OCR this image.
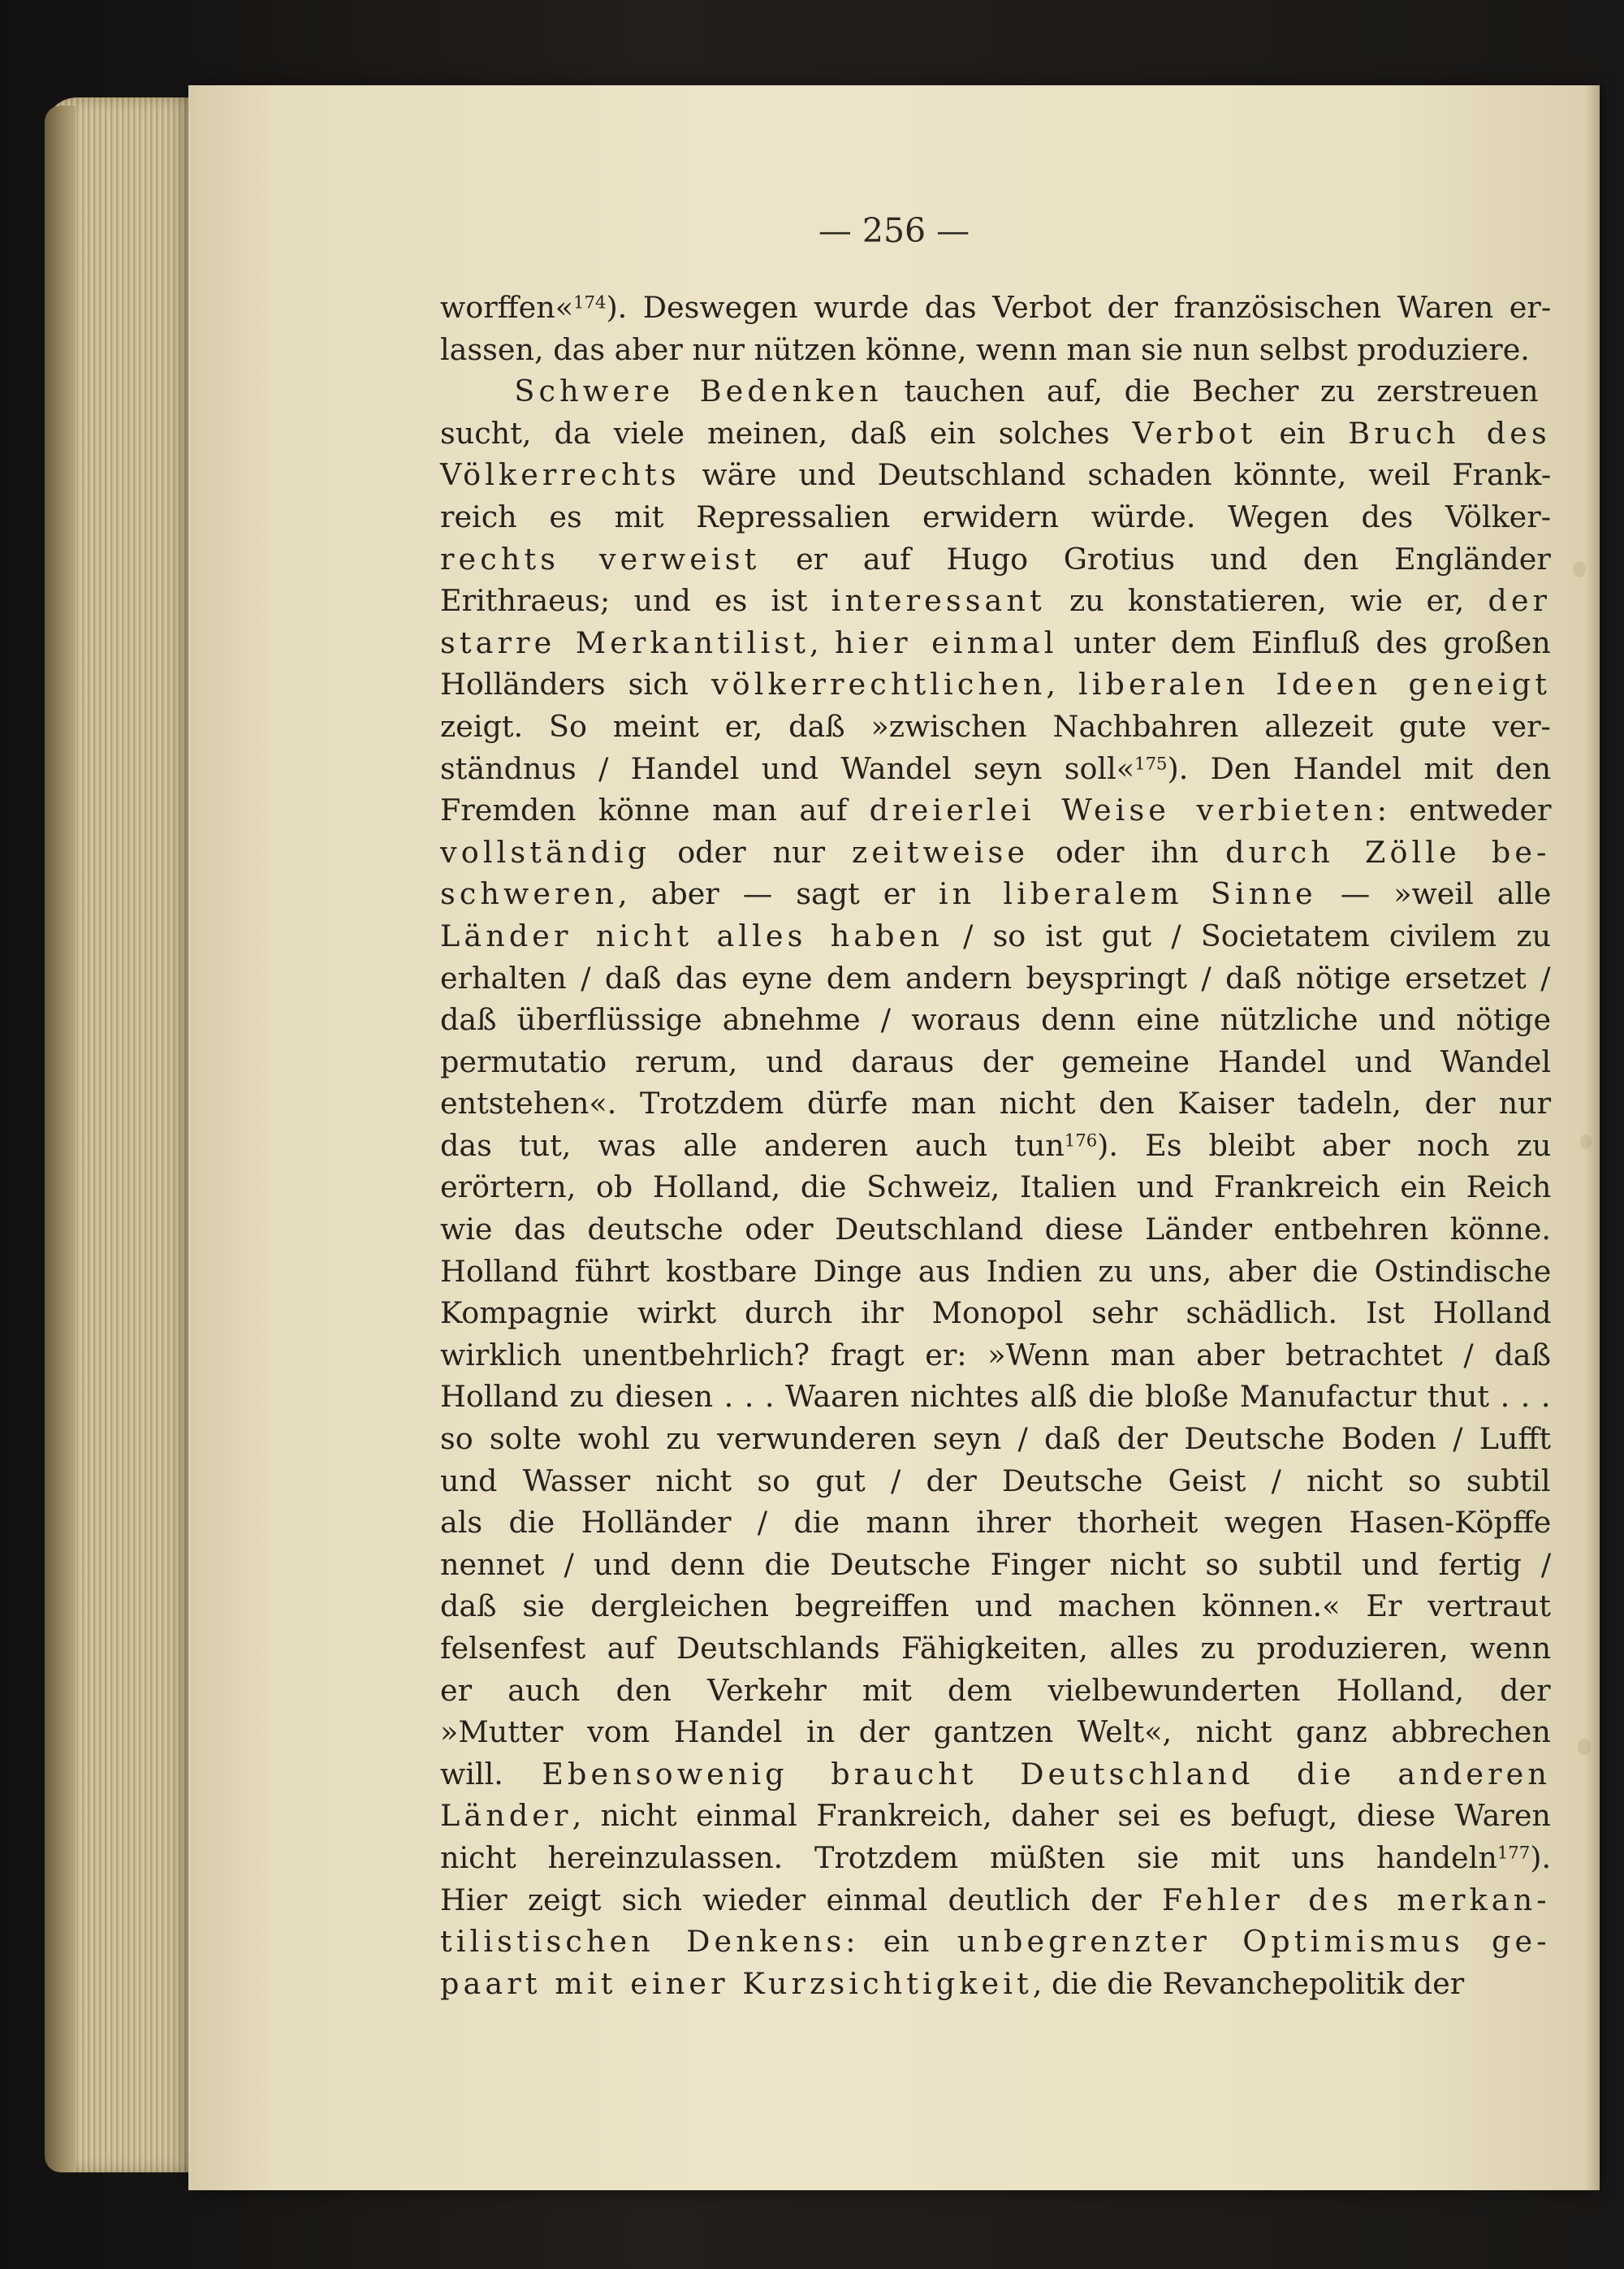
— 256 —

worffen«$^{174}$). Deswegen wurde das Verbot der französischen Waren er-

lassen, das aber nur nützen könne, wenn man sie nun selbst produziere.

Schwere Bedenken tauchen auf, die Becher zu zerstreuen

sucht, da viele meinen, daß ein solches Verbot ein Bruch des

Völkerrechts wäre und Deutschland schaden könnte, weil Frank-

reich es mit Repressalien erwidern würde. Wegen des Völker-

rechts verweist er auf Hugo Grotius und den Engländer

Erithraeus; und es ist interessant zu konstatieren, wie er, der

starre Merkantilist, hier einmal unter dem Einfluß des großen

Holländers sich völkerrechtlichen, liberalen Ideen geneigt

zeigt. So meint er, daß »zwischen Nachbahren allezeit gute ver-

ständnus / Handel und Wandel seyn soll«$^{175}$). Den Handel mit den

Fremden könne man auf dreierlei Weise verbieten: entweder

vollständig oder nur zeitweise oder ihn durch Zölle be-

schweren, aber — sagt er in liberalem Sinne — »weil alle

Länder nicht alles haben / so ist gut / Societatem civilem zu

erhalten / daß das eyne dem andern beyspringt / daß nötige ersetzet /

daß überflüssige abnehme / woraus denn eine nützliche und nötige

permutatio rerum, und daraus der gemeine Handel und Wandel

entstehen«. Trotzdem dürfe man nicht den Kaiser tadeln, der nur

das tut, was alle anderen auch tun$^{176}$). Es bleibt aber noch zu

erörtern, ob Holland, die Schweiz, Italien und Frankreich ein Reich

wie das deutsche oder Deutschland diese Länder entbehren könne.

Holland führt kostbare Dinge aus Indien zu uns, aber die Ostindische

Kompagnie wirkt durch ihr Monopol sehr schädlich. Ist Holland

wirklich unentbehrlich? fragt er: »Wenn man aber betrachtet / daß

Holland zu diesen . . . Waaren nichtes alß die bloße Manufactur thut . . .

so solte wohl zu verwunderen seyn / daß der Deutsche Boden / Lufft

und Wasser nicht so gut / der Deutsche Geist / nicht so subtil

als die Holländer / die mann ihrer thorheit wegen Hasen-Köpffe

nennet / und denn die Deutsche Finger nicht so subtil und fertig /

daß sie dergleichen begreiffen und machen können.« Er vertraut

felsenfest auf Deutschlands Fähigkeiten, alles zu produzieren, wenn

er auch den Verkehr mit dem vielbewunderten Holland, der

»Mutter vom Handel in der gantzen Welt«, nicht ganz abbrechen

will. Ebensowenig braucht Deutschland die anderen

Länder, nicht einmal Frankreich, daher sei es befugt, diese Waren

nicht hereinzulassen. Trotzdem müßten sie mit uns handeln$^{177}$).

Hier zeigt sich wieder einmal deutlich der Fehler des merkan-

tilistischen Denkens: ein unbegrenzter Optimismus ge-

paart mit einer Kurzsichtigkeit, die die Revanchepolitik der
